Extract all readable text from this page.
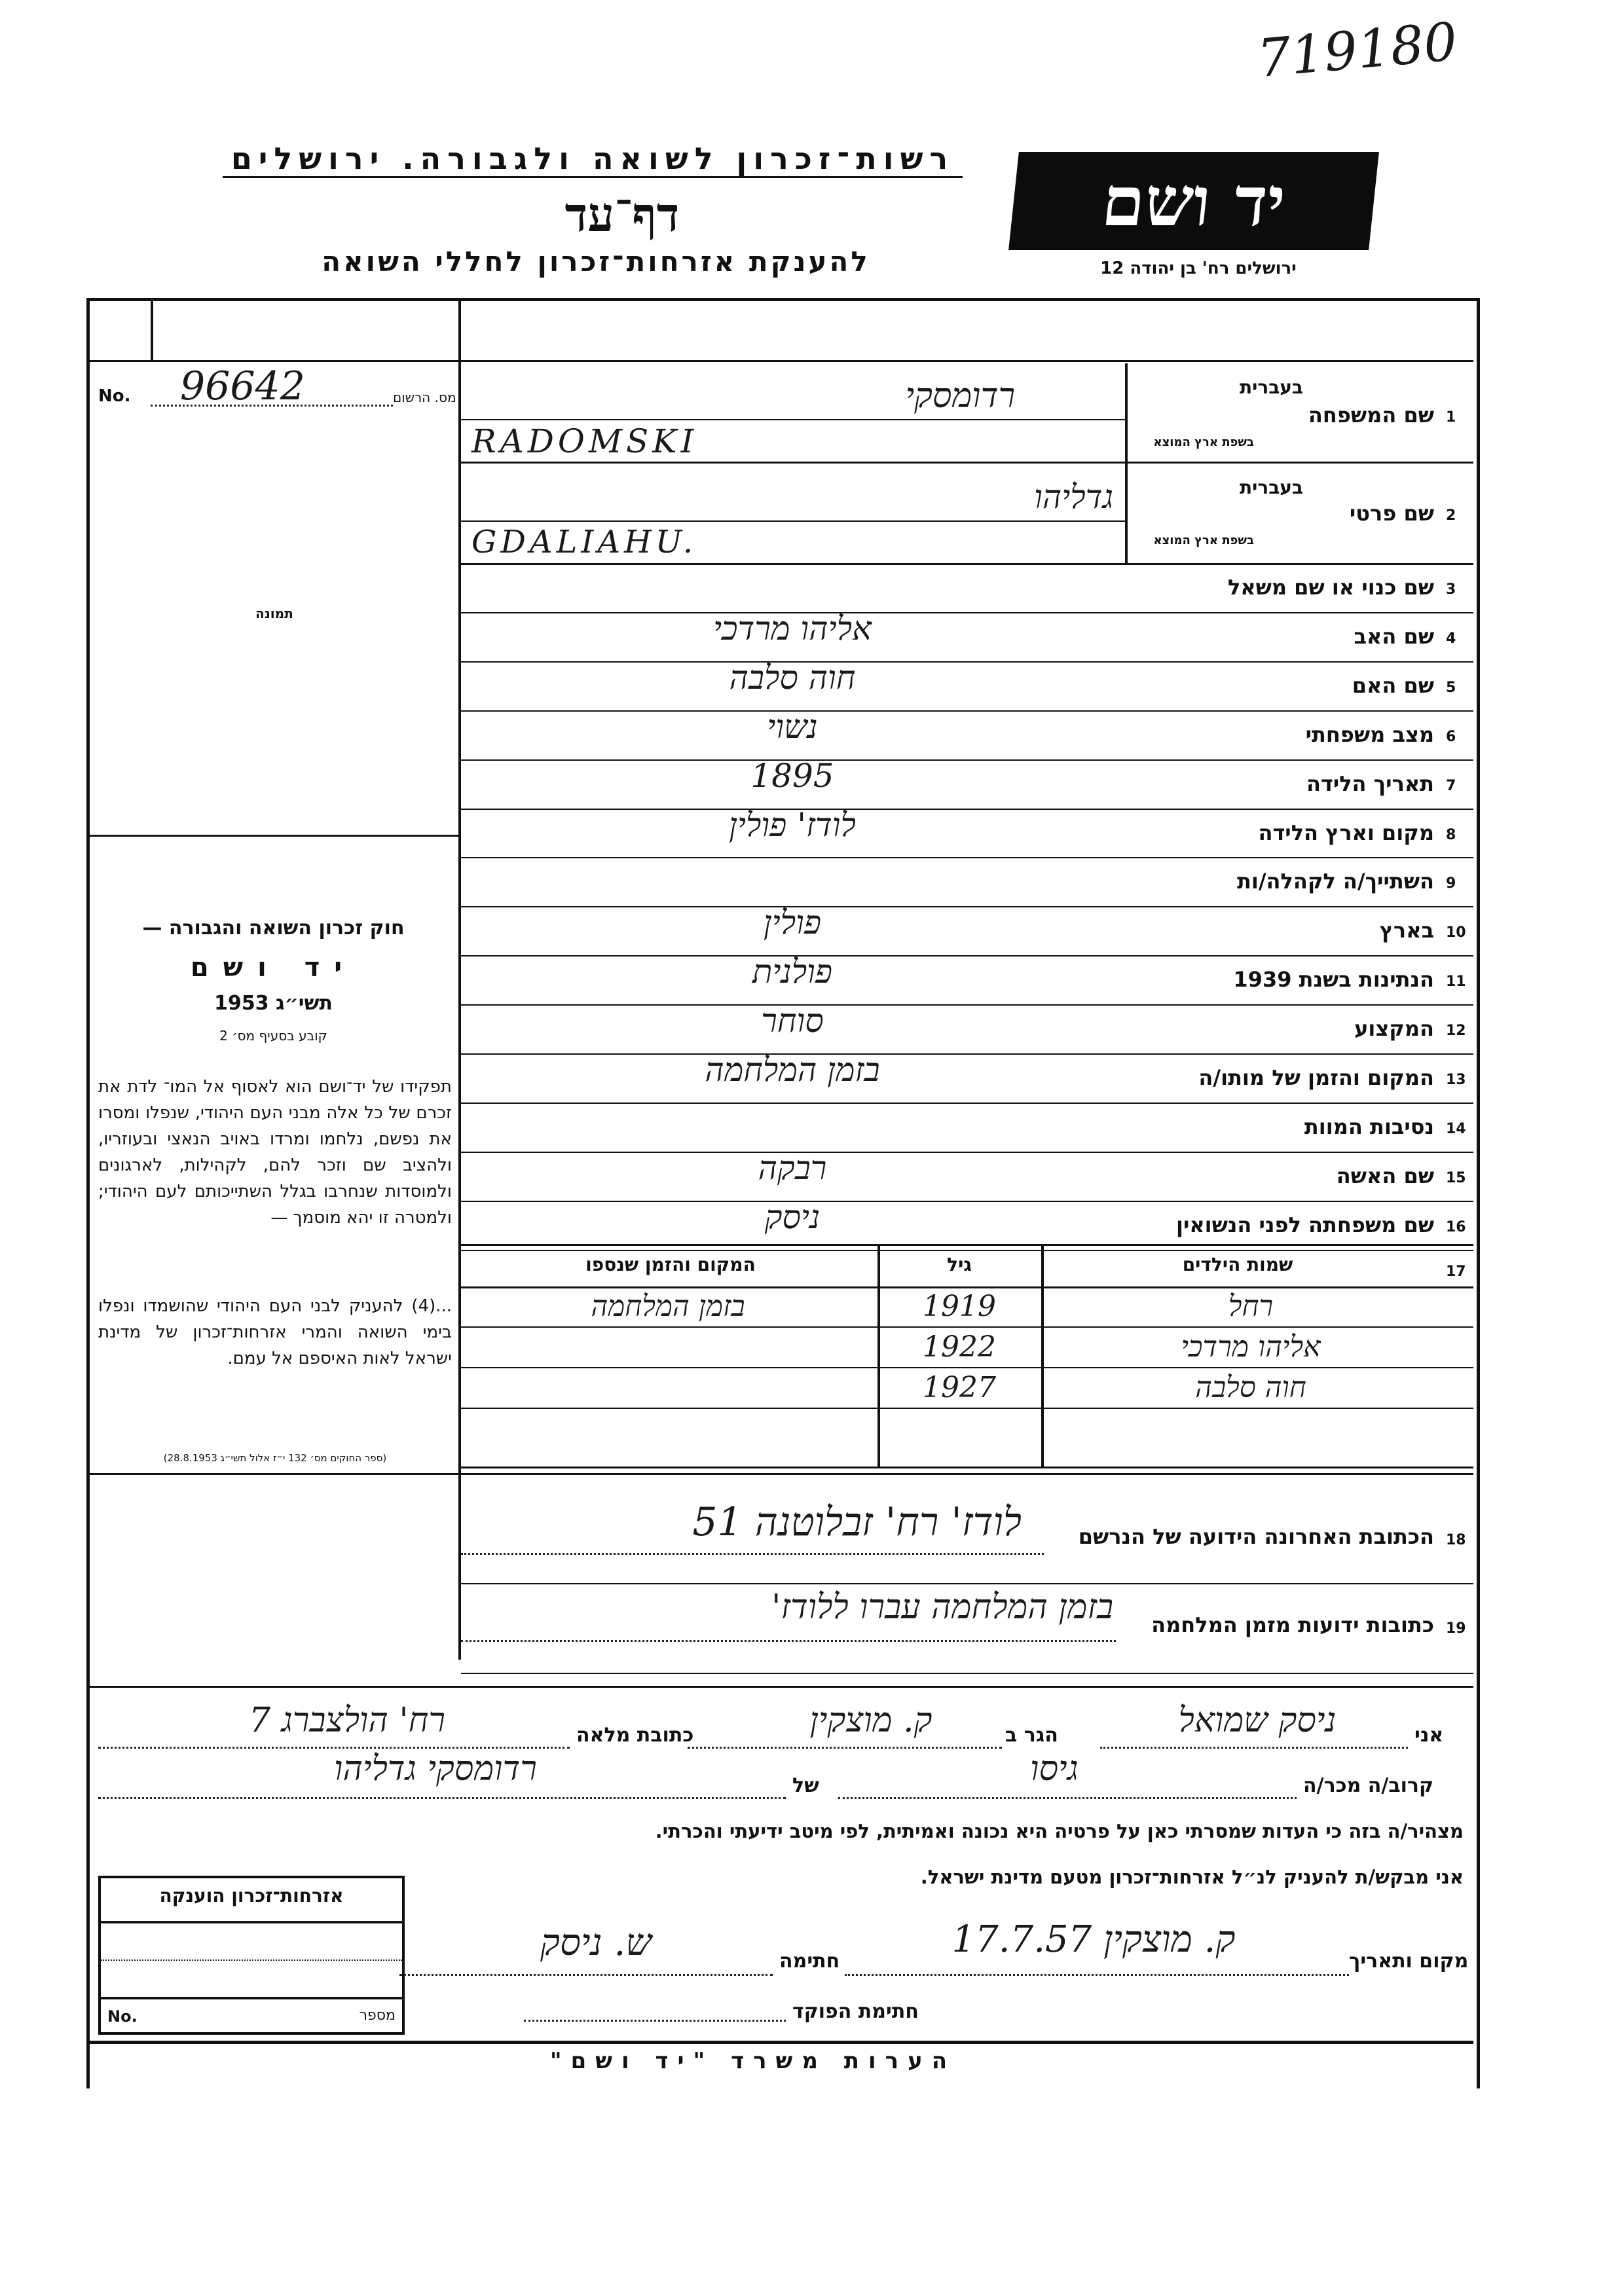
719180
רשות־זכרון לשואה ולגבורה. ירושלים
דף־עד
להענקת אזרחות־זכרון לחללי השואה
יד ושם
ירושלים רח' בן יהודה 12
No. 96642	מס. הרשום
תמונה
חוק זכרון השואה והגבורה —
יד ושם
תשי״ג 1953
קובע בסעיף מס׳ 2
תפקידו של יד־ושם הוא לאסוף אל המו־ לדת את זכרם של כל אלה מבני העם היהודי, שנפלו ומסרו את נפשם, נלחמו ומרדו באויב הנאצי ובעוזריו, ולהציב שם וזכר להם, לקהילות, לארגונים ולמוסדות שנחרבו בגלל השתייכותם לעם היהודי; ולמטרה זו יהא מוסמך —
...(4) להעניק לבני העם היהודי שהושמדו ונפלו בימי השואה והמרי אזרחות־זכרון של מדינת ישראל לאות האיספם אל עמם.
(ספר החוקים מס׳ 132 י״ז אלול תשי״ג 28.8.1953)
1
שם המשפחה
בעברית
בשפת ארץ המוצא
רדומסקי
RADOMSKI
2
שם פרטי
בעברית
בשפת ארץ המוצא
גדליהו
GDALIAHU.
3
שם כנוי או שם משאל
4
שם האב
אליהו מרדכי
5
שם האם
חוה סלבה
6
מצב משפחתי
נשוי
7
תאריך הלידה
1895
8
מקום וארץ הלידה
לודז' פולין
9
השתייך/ה לקהלה/ות
10
בארץ
פולין
11
הנתינות בשנת 1939
פולנית
12
המקצוע
סוחר
13
המקום והזמן של מותו/ה
בזמן המלחמה
14
נסיבות המוות
15
שם האשה
רבקה
16
שם משפחתה לפני הנשואין
ניסק
17
שמות הילדים
גיל
המקום והזמן שנספו
רחל
1919
בזמן המלחמה
אליהו מרדכי
1922
חוה סלבה
1927
18
הכתובת האחרונה הידועה של הנרשם
לודז' רח' זבלוטנה 51
19
כתובות ידועות מזמן המלחמה
בזמן המלחמה עברו ללודז'
אני
ניסק שמואל
הגר ב
ק. מוצקין
כתובת מלאה
רח' הולצברג 7
קרוב/ה מכר/ה
גיסו
של
רדומסקי גדליהו
מצהיר/ה בזה כי העדות שמסרתי כאן על פרטיה היא נכונה ואמיתית, לפי מיטב ידיעתי והכרתי.
אני מבקש/ת להעניק לנ״ל אזרחות־זכרון מטעם מדינת ישראל.
אזרחות־זכרון הוענקה
No.	מספר
מקום ותאריך
ק. מוצקין 17.7.57
חתימה
ש. ניסק
חתימת הפוקד
הערות משרד "יד ושם"
